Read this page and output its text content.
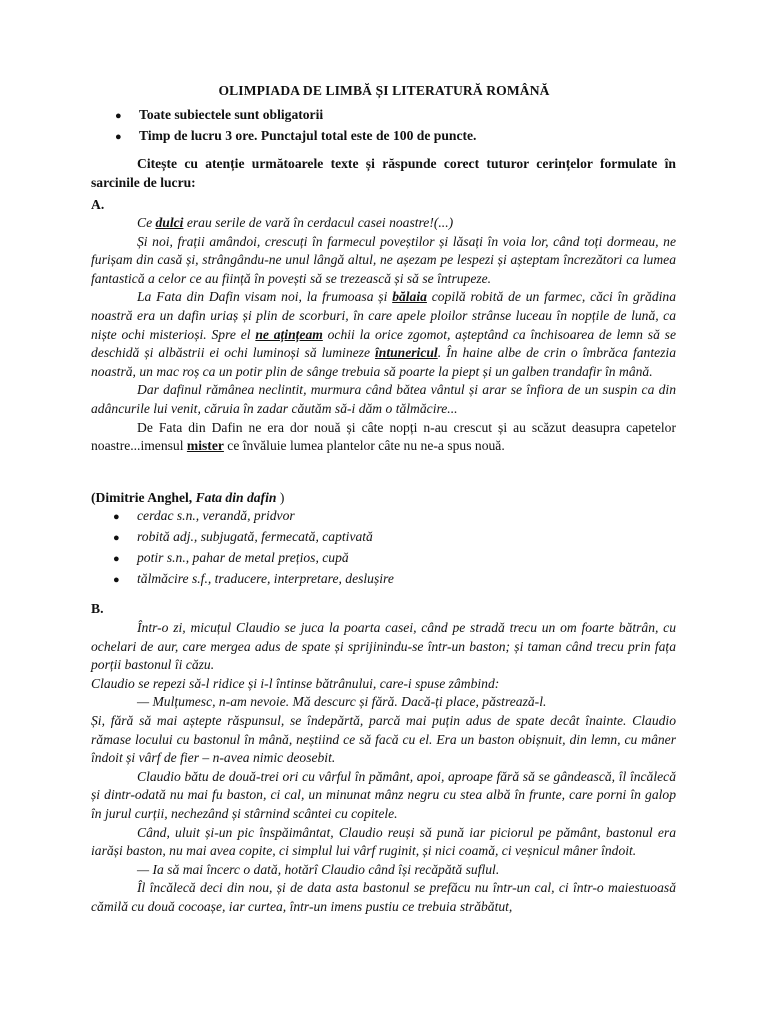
OLIMPIADA DE LIMBĂ ȘI LITERATURĂ ROMÂNĂ
● Toate subiectele sunt obligatorii
● Timp de lucru 3 ore. Punctajul total este de 100 de puncte.
Citește cu atenție următoarele texte și răspunde corect tuturor cerințelor formulate în sarcinile de lucru:
A.

Ce dulci erau serile de vară în cerdacul casei noastre!(...)

Și noi, frații amândoi, crescuți în farmecul poveștilor și lăsați în voia lor, când toți dormeau, ne furișam din casă și, strângându-ne unul lângă altul, ne așezam pe lespezi și așteptam încrezători ca lumea fantastică a celor ce au ființă în povești să se trezească și să se întrupeze.

La Fata din Dafin visam noi, la frumoasa și bălaia copilă robită de un farmec, căci în grădina noastră era un dafin uriaș și plin de scorburi, în care apele ploilor strânse luceau în nopțile de lună, ca niște ochi misterioși. Spre el ne ațințeam ochii la orice zgomot, așteptând ca închisoarea de lemn să se deschidă și albăstrii ei ochi luminoși să lumineze întunericul. În haine albe de crin o îmbrăca fantezia noastră, un mac roș ca un potir plin de sânge trebuia să poarte la piept și un galben trandafir în mână.

Dar dafinul rămânea neclintit, murmura când bătea vântul și arar se înfiora de un suspin ca din adâncurile lui venit, căruia în zadar căutăm să-i dăm o tălmăcire...

De Fata din Dafin ne era dor nouă și câte nopți n-au crescut și au scăzut deasupra capetelor noastre...imensul mister ce învăluie lumea plantelor câte nu ne-a spus nouă.

(Dimitrie Anghel, Fata din dafin )
● cerdac s.n., verandă, pridvor
● robită adj., subjugată, fermecată, captivată
● potir s.n., pahar de metal prețios, cupă
● tălmăcire s.f., traducere, interpretare, deslușire
B.

Într-o zi, micuțul Claudio se juca la poarta casei, când pe stradă trecu un om foarte bătrân, cu ochelari de aur, care mergea adus de spate și sprijinindu-se într-un baston; și taman când trecu prin fața porții bastonul îi căzu.

Claudio se repezi să-l ridice și i-l întinse bătrânului, care-i spuse zâmbind:

— Mulțumesc, n-am nevoie. Mă descurc și fără. Dacă-ți place, păstrează-l.

Și, fără să mai aștepte răspunsul, se îndepărtă, parcă mai puțin adus de spate decât înainte. Claudio rămase locului cu bastonul în mână, neștiind ce să facă cu el. Era un baston obișnuit, din lemn, cu mâner îndoit și vârf de fier – n-avea nimic deosebit.

Claudio bătu de două-trei ori cu vârful în pământ, apoi, aproape fără să se gândească, îl încălecă și dintr-odată nu mai fu baston, ci cal, un minunat mânz negru cu stea albă în frunte, care porni în galop în jurul curții, nechezând și stârnind scântei cu copitele.

Când, uluit și-un pic înspăimântat, Claudio reuși să pună iar piciorul pe pământ, bastonul era iarăși baston, nu mai avea copite, ci simplul lui vârf ruginit, și nici coamă, ci veșnicul mâner îndoit.

— Ia să mai încerc o dată, hotărî Claudio când își recăpătă suflul.

Îl încălecă deci din nou, și de data asta bastonul se prefăcu nu într-un cal, ci într-o maiestuoasă cămilă cu două cocoașe, iar curtea, într-un imens pustiu ce trebuia străbătut,
